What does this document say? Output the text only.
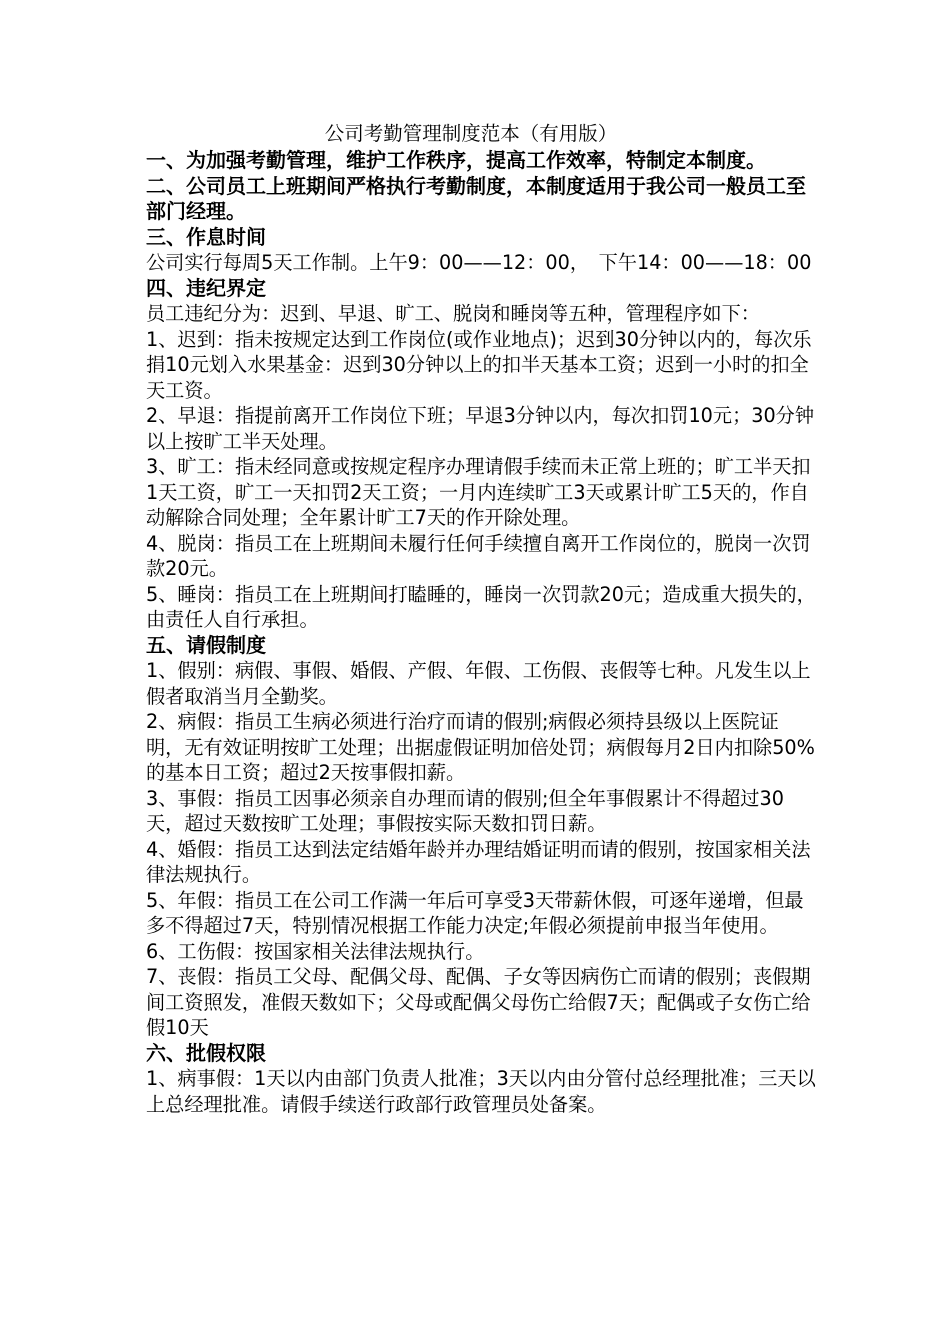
公司考勤管理制度范本（有用版）
一、为加强考勤管理，维护工作秩序，提高工作效率，特制定本制度。
二、公司员工上班期间严格执行考勤制度，本制度适用于我公司一般员工至部门经理。
三、作息时间
公司实行每周5天工作制。上午9：00——12：00，　下午14：00——18：00
四、违纪界定
员工违纪分为：迟到、早退、旷工、脱岗和睡岗等五种，管理程序如下：
1、迟到：指未按规定达到工作岗位(或作业地点)；迟到30分钟以内的，每次乐捐10元划入水果基金：迟到30分钟以上的扣半天基本工资；迟到一小时的扣全天工资。
2、早退：指提前离开工作岗位下班；早退3分钟以内，每次扣罚10元；30分钟以上按旷工半天处理。
3、旷工：指未经同意或按规定程序办理请假手续而未正常上班的；旷工半天扣1天工资，旷工一天扣罚2天工资；一月内连续旷工3天或累计旷工5天的，作自动解除合同处理；全年累计旷工7天的作开除处理。
4、脱岗：指员工在上班期间未履行任何手续擅自离开工作岗位的，脱岗一次罚款20元。
5、睡岗：指员工在上班期间打瞌睡的，睡岗一次罚款20元；造成重大损失的，由责任人自行承担。
五、请假制度
1、假别：病假、事假、婚假、产假、年假、工伤假、丧假等七种。凡发生以上假者取消当月全勤奖。
2、病假：指员工生病必须进行治疗而请的假别;病假必须持县级以上医院证明，无有效证明按旷工处理；出据虚假证明加倍处罚；病假每月2日内扣除50%的基本日工资；超过2天按事假扣薪。
3、事假：指员工因事必须亲自办理而请的假别;但全年事假累计不得超过30天，超过天数按旷工处理；事假按实际天数扣罚日薪。
4、婚假：指员工达到法定结婚年龄并办理结婚证明而请的假别，按国家相关法律法规执行。
5、年假：指员工在公司工作满一年后可享受3天带薪休假，可逐年递增，但最多不得超过7天，特别情况根据工作能力决定;年假必须提前申报当年使用。
6、工伤假：按国家相关法律法规执行。
7、丧假：指员工父母、配偶父母、配偶、子女等因病伤亡而请的假别；丧假期间工资照发，准假天数如下；父母或配偶父母伤亡给假7天；配偶或子女伤亡给假10天
六、批假权限
1、病事假：1天以内由部门负责人批准；3天以内由分管付总经理批准；三天以上总经理批准。请假手续送行政部行政管理员处备案。
